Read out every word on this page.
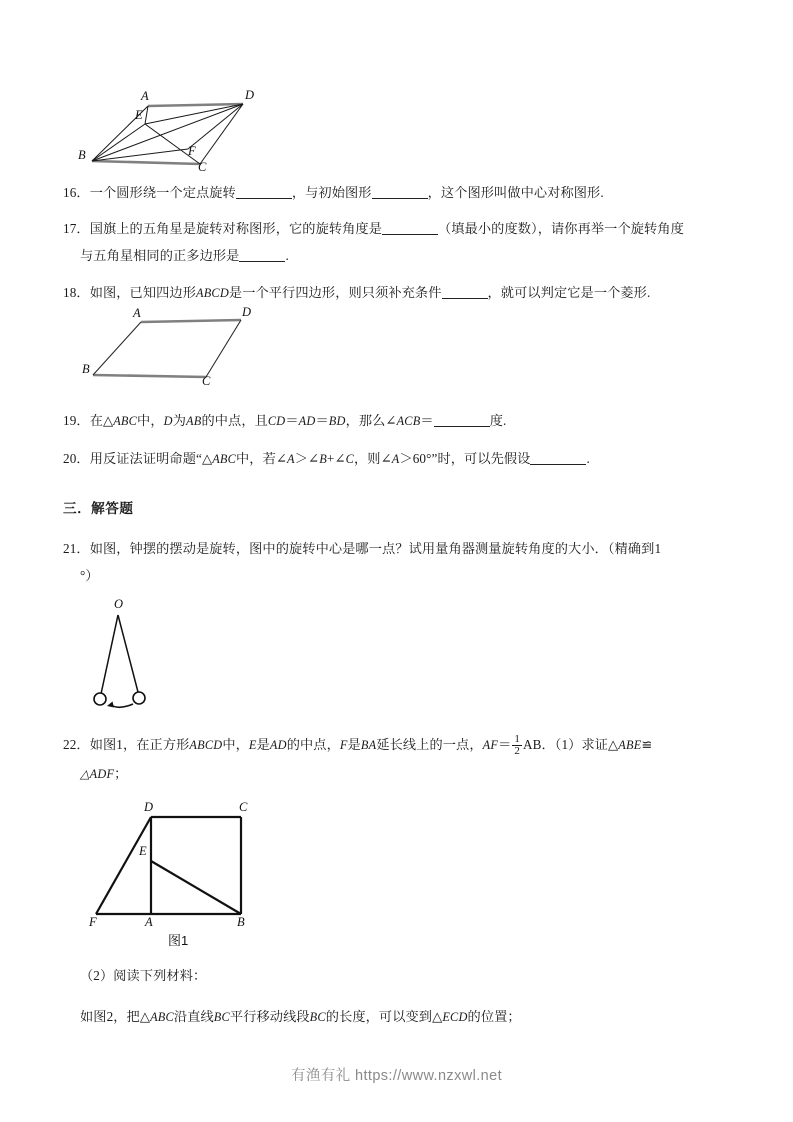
A	D
B
C
E
F
16．一个圆形绕一个定点旋转	，与初始图形	，这个图形叫做中心对称图形.
17．国旗上的五角星是旋转对称图形，它的旋转角度是	（填最小的度数），请你再举一个旋转角度
与五角星相同的正多边形是	.
18．如图，已知四边形ABCD是一个平行四边形，则只须补充条件	，就可以判定它是一个菱形.
A	D
B
C
19．在△ABC中，D为AB的中点，且CD＝AD＝BD，那么∠ACB＝	度.
20．用反证法证明命题“△ABC中，若∠A＞∠B+∠C，则∠A＞60°”时，可以先假设	.
三．解答题
21．如图，钟摆的摆动是旋转，图中的旋转中心是哪一点？试用量角器测量旋转角度的大小．（精确到1
°）
O
22．如图1，在正方形ABCD中，E是AD的中点，F是BA延长线上的一点，$AF= \frac{1}{2}$ AB．（1）求证△ABE≌
△ADF；
D	C
E
F	A	B
图1
（2）阅读下列材料：
如图2，把△ABC沿直线BC平行移动线段BC的长度，可以变到△ECD的位置；
有渔有礼 https://www.nzxwl.net
